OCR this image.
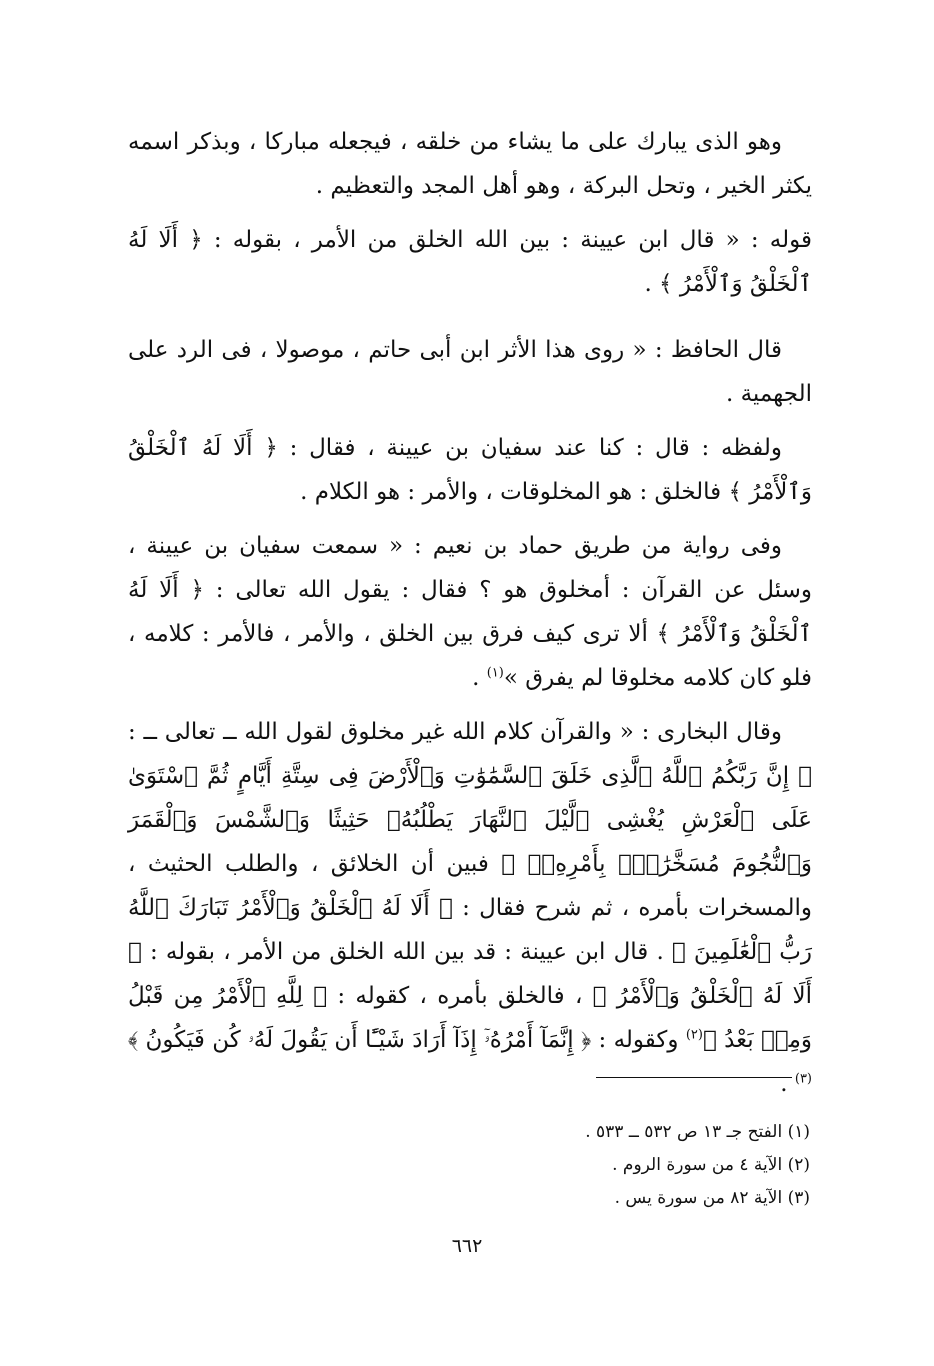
وهو الذى يبارك على ما يشاء من خلقه ، فيجعله مباركا ، وبذكر اسمه يكثر الخير ، وتحل البركة ، وهو أهل المجد والتعظيم .

قوله : « قال ابن عيينة : بين الله الخلق من الأمر ، بقوله : ﴿ أَلَا لَهُ ٱلْخَلْقُ وَٱلْأَمْرُ ﴾ .

قال الحافظ : « روى هذا الأثر ابن أبى حاتم ، موصولا ، فى الرد على الجهمية .

ولفظه : قال : كنا عند سفيان بن عيينة ، فقال : ﴿ أَلَا لَهُ ٱلْخَلْقُ وَٱلْأَمْرُ ﴾ فالخلق : هو المخلوقات ، والأمر : هو الكلام .

وفى رواية من طريق حماد بن نعيم : « سمعت سفيان بن عيينة ، وسئل عن القرآن : أمخلوق هو ؟ فقال : يقول الله تعالى : ﴿ أَلَا لَهُ ٱلْخَلْقُ وَٱلْأَمْرُ ﴾ ألا ترى كيف فرق بين الخلق ، والأمر ، فالأمر : كلامه ، فلو كان كلامه مخلوقا لم يفرق »$^{(١)}$ .

وقال البخارى : « والقرآن كلام الله غير مخلوق لقول الله ــ تعالى ــ : ﴿ إِنَّ رَبَّكُمُ ٱللَّهُ ٱلَّذِى خَلَقَ ٱلسَّمَٰوَٰتِ وَٱلْأَرْضَ فِى سِتَّةِ أَيَّامٍ ثُمَّ ٱسْتَوَىٰ عَلَى ٱلْعَرْشِ يُغْشِى ٱلَّيْلَ ٱلنَّهَارَ يَطْلُبُهُۥ حَثِيثًا وَٱلشَّمْسَ وَٱلْقَمَرَ وَٱلنُّجُومَ مُسَخَّرَٰتٍۭ بِأَمْرِهِۦٓ ﴾ فبين أن الخلائق ، والطلب الحثيث ، والمسخرات بأمره ، ثم شرح فقال : ﴿ أَلَا لَهُ ٱلْخَلْقُ وَٱلْأَمْرُ تَبَارَكَ ٱللَّهُ رَبُّ ٱلْعَٰلَمِينَ ﴾ . قال ابن عيينة : قد بين الله الخلق من الأمر ، بقوله : ﴿ أَلَا لَهُ ٱلْخَلْقُ وَٱلْأَمْرُ ﴾ ، فالخلق بأمره ، كقوله : ﴿ لِلَّهِ ٱلْأَمْرُ مِن قَبْلُ وَمِنۢ بَعْدُ ﴾$^{(٢)}$ وكقوله : ﴿ إِنَّمَآ أَمْرُهُۥٓ إِذَآ أَرَادَ شَيْـًٔا أَن يَقُولَ لَهُۥ كُن فَيَكُونُ ﴾$^{(٣)}$ .

(١) الفتح جـ ١٣ ص ٥٣٢ ــ ٥٣٣ .

(٢) الآية ٤ من سورة الروم .

(٣) الآية ٨٢ من سورة يس .

٦٦٢
